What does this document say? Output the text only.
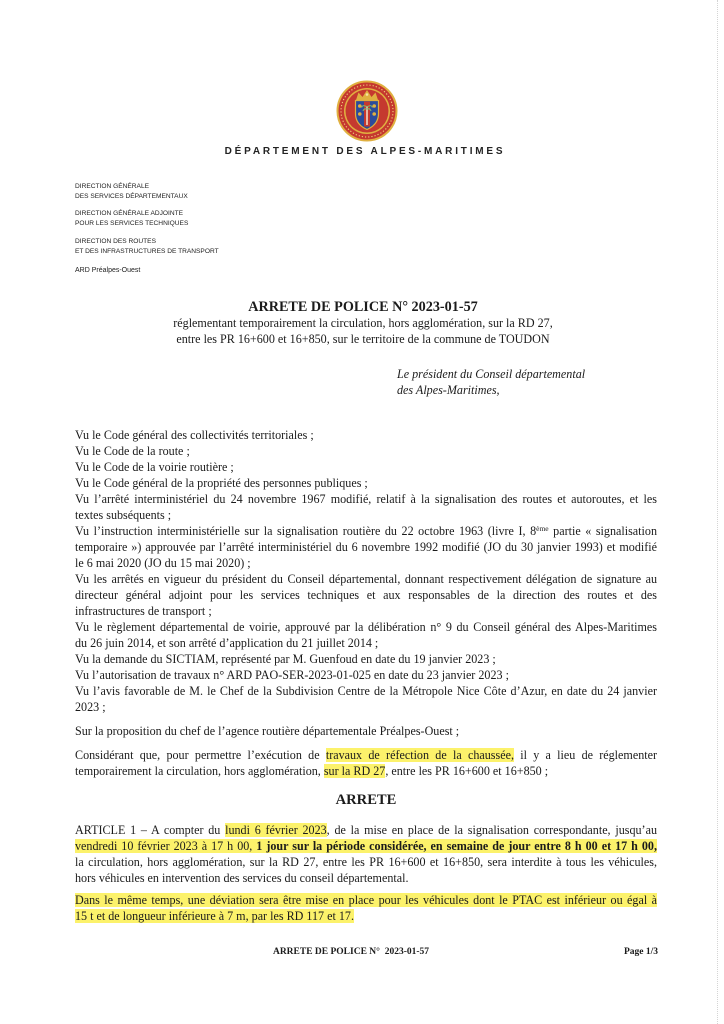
DÉPARTEMENT DES ALPES-MARITIMES
DIRECTION GÉNÉRALE
DES SERVICES DÉPARTEMENTAUX
DIRECTION GÉNÉRALE ADJOINTE
POUR LES SERVICES TECHNIQUES
DIRECTION DES ROUTES
ET DES INFRASTRUCTURES DE TRANSPORT
ARD Préalpes-Ouest
ARRETE DE POLICE N° 2023-01-57
réglementant temporairement la circulation, hors agglomération, sur la RD 27,
entre les PR 16+600 et 16+850, sur le territoire de la commune de TOUDON
Le président du Conseil départemental
des Alpes-Maritimes,
Vu le Code général des collectivités territoriales ;
Vu le Code de la route ;
Vu le Code de la voirie routière ;
Vu le Code général de la propriété des personnes publiques ;
Vu l’arrêté interministériel du 24 novembre 1967 modifié, relatif à la signalisation des routes et autoroutes, et les
textes subséquents ;
Vu l’instruction interministérielle sur la signalisation routière du 22 octobre 1963 (livre I, 8ème partie « signalisation
temporaire ») approuvée par l’arrêté interministériel du 6 novembre 1992 modifié (JO du 30 janvier 1993) et modifié
le 6 mai 2020 (JO du 15 mai 2020) ;
Vu les arrêtés en vigueur du président du Conseil départemental, donnant respectivement délégation de signature au
directeur général adjoint pour les services techniques et aux responsables de la direction des routes et des
infrastructures de transport ;
Vu le règlement départemental de voirie, approuvé par la délibération n° 9 du Conseil général des Alpes-Maritimes
du 26 juin 2014, et son arrêté d’application du 21 juillet 2014 ;
Vu la demande du SICTIAM, représenté par M. Guenfoud en date du 19 janvier 2023 ;
Vu l’autorisation de travaux n° ARD PAO-SER-2023-01-025 en date du 23 janvier 2023 ;
Vu l’avis favorable de M. le Chef de la Subdivision Centre de la Métropole Nice Côte d’Azur, en date du 24 janvier
2023 ;
Sur la proposition du chef de l’agence routière départementale Préalpes-Ouest ;
Considérant que, pour permettre l’exécution de travaux de réfection de la chaussée, il y a lieu de réglementer
temporairement la circulation, hors agglomération, sur la RD 27, entre les PR 16+600 et 16+850 ;
ARRETE
ARTICLE 1 – A compter du lundi 6 février 2023, de la mise en place de la signalisation correspondante, jusqu’au
vendredi 10 février 2023 à 17 h 00, 1 jour sur la période considérée, en semaine de jour entre 8 h 00 et 17 h 00,
la circulation, hors agglomération, sur la RD 27, entre les PR 16+600 et 16+850, sera interdite à tous les véhicules,
hors véhicules en intervention des services du conseil départemental.
Dans le même temps, une déviation sera être mise en place pour les véhicules dont le PTAC est inférieur ou égal à
15 t et de longueur inférieure à 7 m, par les RD 117 et 17.
ARRETE DE POLICE N°  2023-01-57	Page 1/3
